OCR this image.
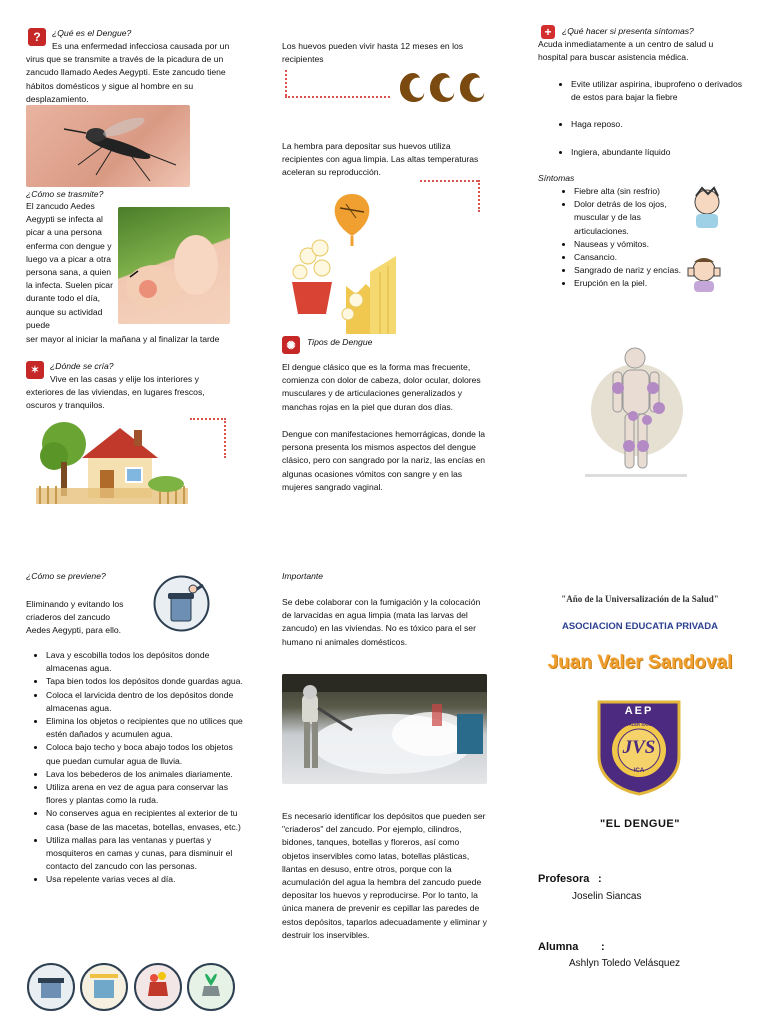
?	¿Qué es el Dengue?
Es una enfermedad infecciosa causada por un virus que se transmite a través de la picadura de un zancudo llamado Aedes Aegypti. Este zancudo tiene hábitos domésticos y sigue al hombre en su desplazamiento.
¿Cómo se trasmite?
El zancudo Aedes Aegypti se infecta al picar a una persona enferma con dengue y luego va a picar a otra persona sana, a quien la infecta. Suelen picar durante todo el día, aunque su actividad puede
ser mayor al iniciar la mañana y al finalizar la tarde
✶	¿Dónde se cría?
Vive en las casas y elije los interiores y exteriores de las viviendas, en lugares frescos, oscuros y tranquilos.
Los huevos pueden vivir hasta 12 meses en los recipientes
La hembra para depositar sus huevos utiliza recipientes con agua limpia. Las altas temperaturas aceleran su reproducción.
✺	Tipos de Dengue
El dengue clásico que es la forma mas frecuente, comienza con dolor de cabeza, dolor ocular, dolores musculares y de articulaciones generalizados y manchas rojas en la piel que duran dos días.
Dengue con manifestaciones hemorrágicas, donde la persona presenta los mismos aspectos del dengue clásico, pero con sangrado por la nariz, las encías en algunas ocasiones vómitos con sangre y en las mujeres sangrado vaginal.
+	¿Qué hacer si presenta síntomas?
Acuda inmediatamente a un centro de salud u hospital para buscar asistencia médica.
• Evite utilizar aspirina, ibuprofeno o derivados de estos para bajar la fiebre
• Haga reposo.
• Ingiera, abundante líquido
Síntomas
• Fiebre alta (sin resfrio)
• Dolor detrás de los ojos, muscular y de las articulaciones.
• Nauseas y vómitos.
• Cansancio.
• Sangrado de nariz y encías.
• Erupción en la piel.
¿Cómo se previene?
Eliminando y evitando los criaderos del zancudo Aedes Aegypti, para ello.
• Lava y escobilla todos los depósitos donde almacenas agua.
• Tapa bien todos los depósitos donde guardas agua.
• Coloca el larvicida dentro de los depósitos donde almacenas agua.
• Elimina los objetos o recipientes que no utilices que estén dañados y acumulen agua.
• Coloca bajo techo y boca abajo todos los objetos que puedan cumular agua de lluvia.
• Lava los bebederos de los animales diariamente.
• Utiliza arena en vez de agua para conservar las flores y plantas como la ruda.
• No conserves agua en recipientes al exterior de tu casa (base de las macetas, botellas, envases, etc.)
• Utiliza mallas para las ventanas y puertas y mosquiteros en camas y cunas, para disminuir el contacto del zancudo con las personas.
• Usa repelente varias veces al día.
Importante
Se debe colaborar con la fumigación y la colocación de larvacidas en agua limpia (mata las larvas del zancudo) en las viviendas. No es tóxico para el ser humano ni animales domésticos.
Es necesario identificar los depósitos que pueden ser "criaderos" del zancudo. Por ejemplo, cilindros, bidones, tanques, botellas y floreros, así como objetos inservibles como latas, botellas plásticas, llantas en desuso, entre otros, porque con la acumulación del agua la hembra del zancudo puede depositar los huevos y reproducirse. Por lo tanto, la única manera de prevenir es cepillar las paredes de estos depósitos, taparlos adecuadamente y eliminar y destruir los inservibles.
"Año de la Universalización de la Salud"
ASOCIACION EDUCATIA PRIVADA
Juan Valer Sandoval
AEP
JUAN VALER SANDOVAL
JVS
ICA
"EL DENGUE"
Profesora :
Joselin Siancas
Alumna :
Ashlyn Toledo Velásquez
